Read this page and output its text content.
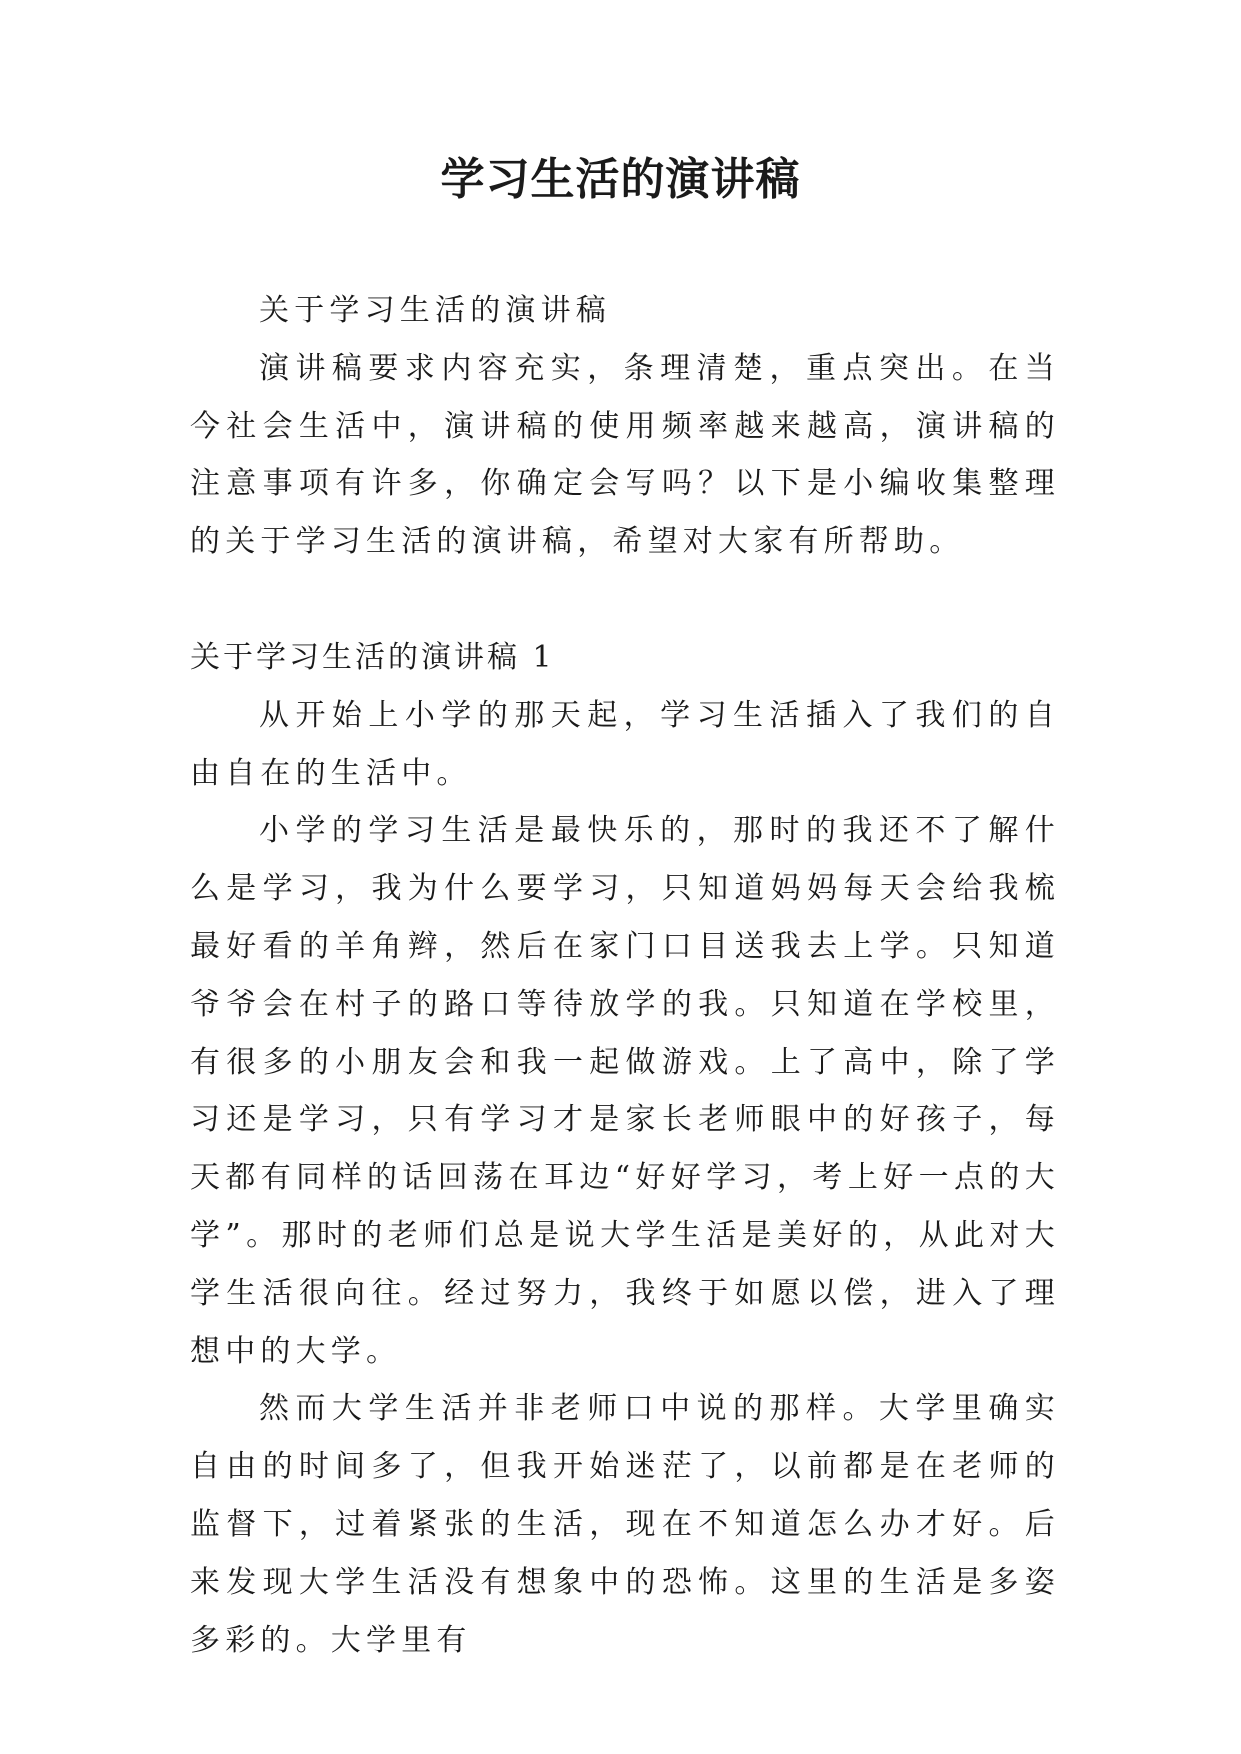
学习生活的演讲稿

关于学习生活的演讲稿

演讲稿要求内容充实，条理清楚，重点突出。在当今社会生活中，演讲稿的使用频率越来越高，演讲稿的注意事项有许多，你确定会写吗？以下是小编收集整理的关于学习生活的演讲稿，希望对大家有所帮助。

关于学习生活的演讲稿 1

从开始上小学的那天起，学习生活插入了我们的自由自在的生活中。

小学的学习生活是最快乐的，那时的我还不了解什么是学习，我为什么要学习，只知道妈妈每天会给我梳最好看的羊角辫，然后在家门口目送我去上学。只知道爷爷会在村子的路口等待放学的我。只知道在学校里，有很多的小朋友会和我一起做游戏。上了高中，除了学习还是学习，只有学习才是家长老师眼中的好孩子，每天都有同样的话回荡在耳边“好好学习，考上好一点的大学”。那时的老师们总是说大学生活是美好的，从此对大学生活很向往。经过努力，我终于如愿以偿，进入了理想中的大学。

然而大学生活并非老师口中说的那样。大学里确实自由的时间多了，但我开始迷茫了，以前都是在老师的监督下，过着紧张的生活，现在不知道怎么办才好。后来发现大学生活没有想象中的恐怖。这里的生活是多姿多彩的。大学里有
